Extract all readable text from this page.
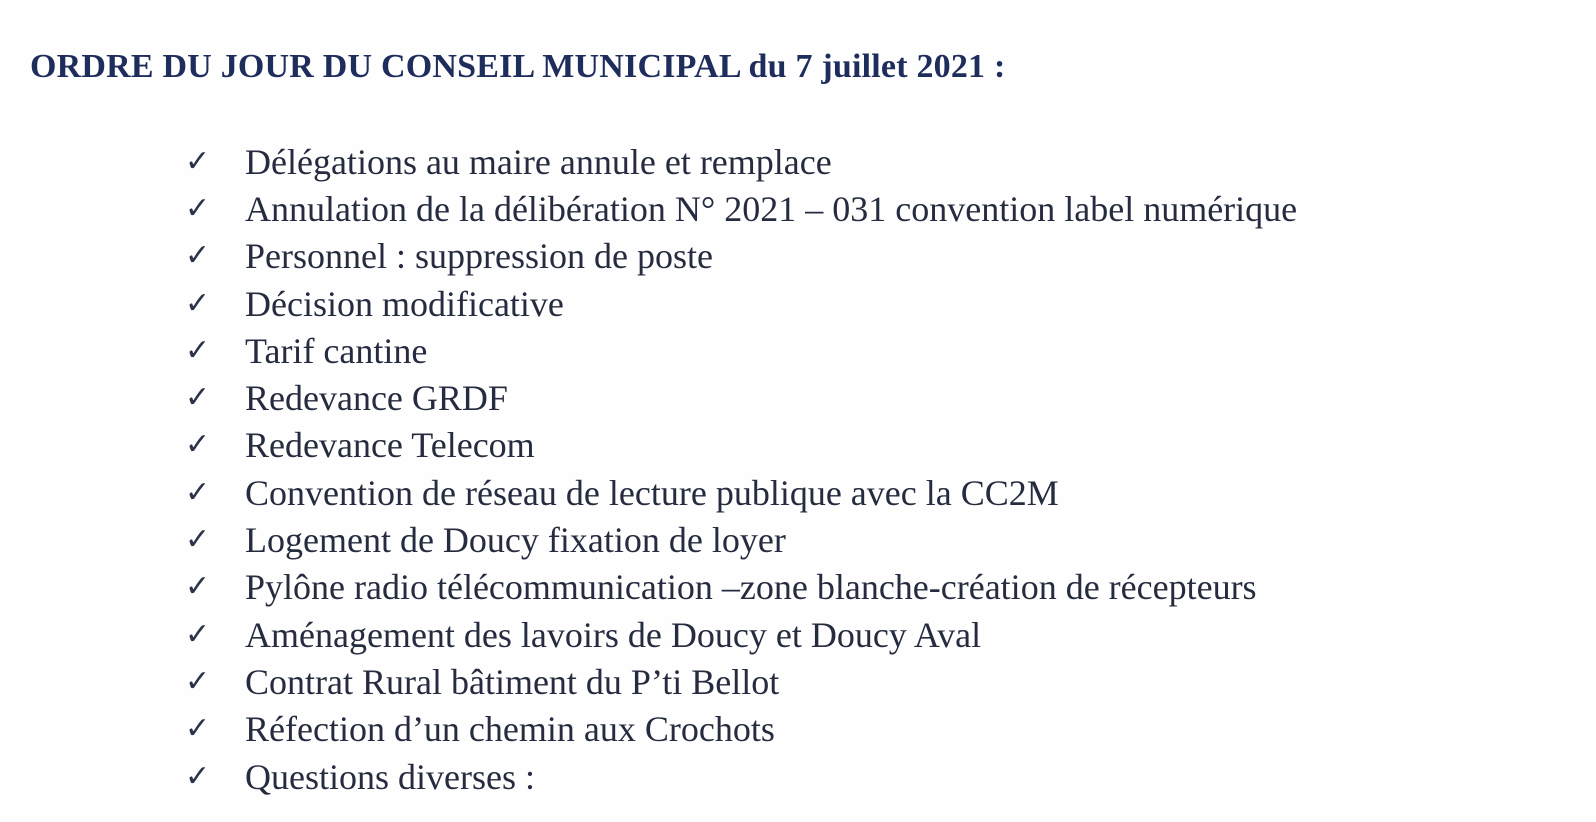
ORDRE DU JOUR DU CONSEIL MUNICIPAL du 7 juillet 2021 :
✓ Délégations au maire annule et remplace
✓ Annulation de la délibération N° 2021 – 031 convention label numérique
✓ Personnel : suppression de poste
✓ Décision modificative
✓ Tarif cantine
✓ Redevance GRDF
✓ Redevance Telecom
✓ Convention de réseau de lecture publique avec la CC2M
✓ Logement de Doucy fixation de loyer
✓ Pylône radio télécommunication –zone blanche-création de récepteurs
✓ Aménagement des lavoirs de Doucy et Doucy Aval
✓ Contrat Rural bâtiment du P’ti Bellot
✓ Réfection d’un chemin aux Crochots
✓ Questions diverses :
